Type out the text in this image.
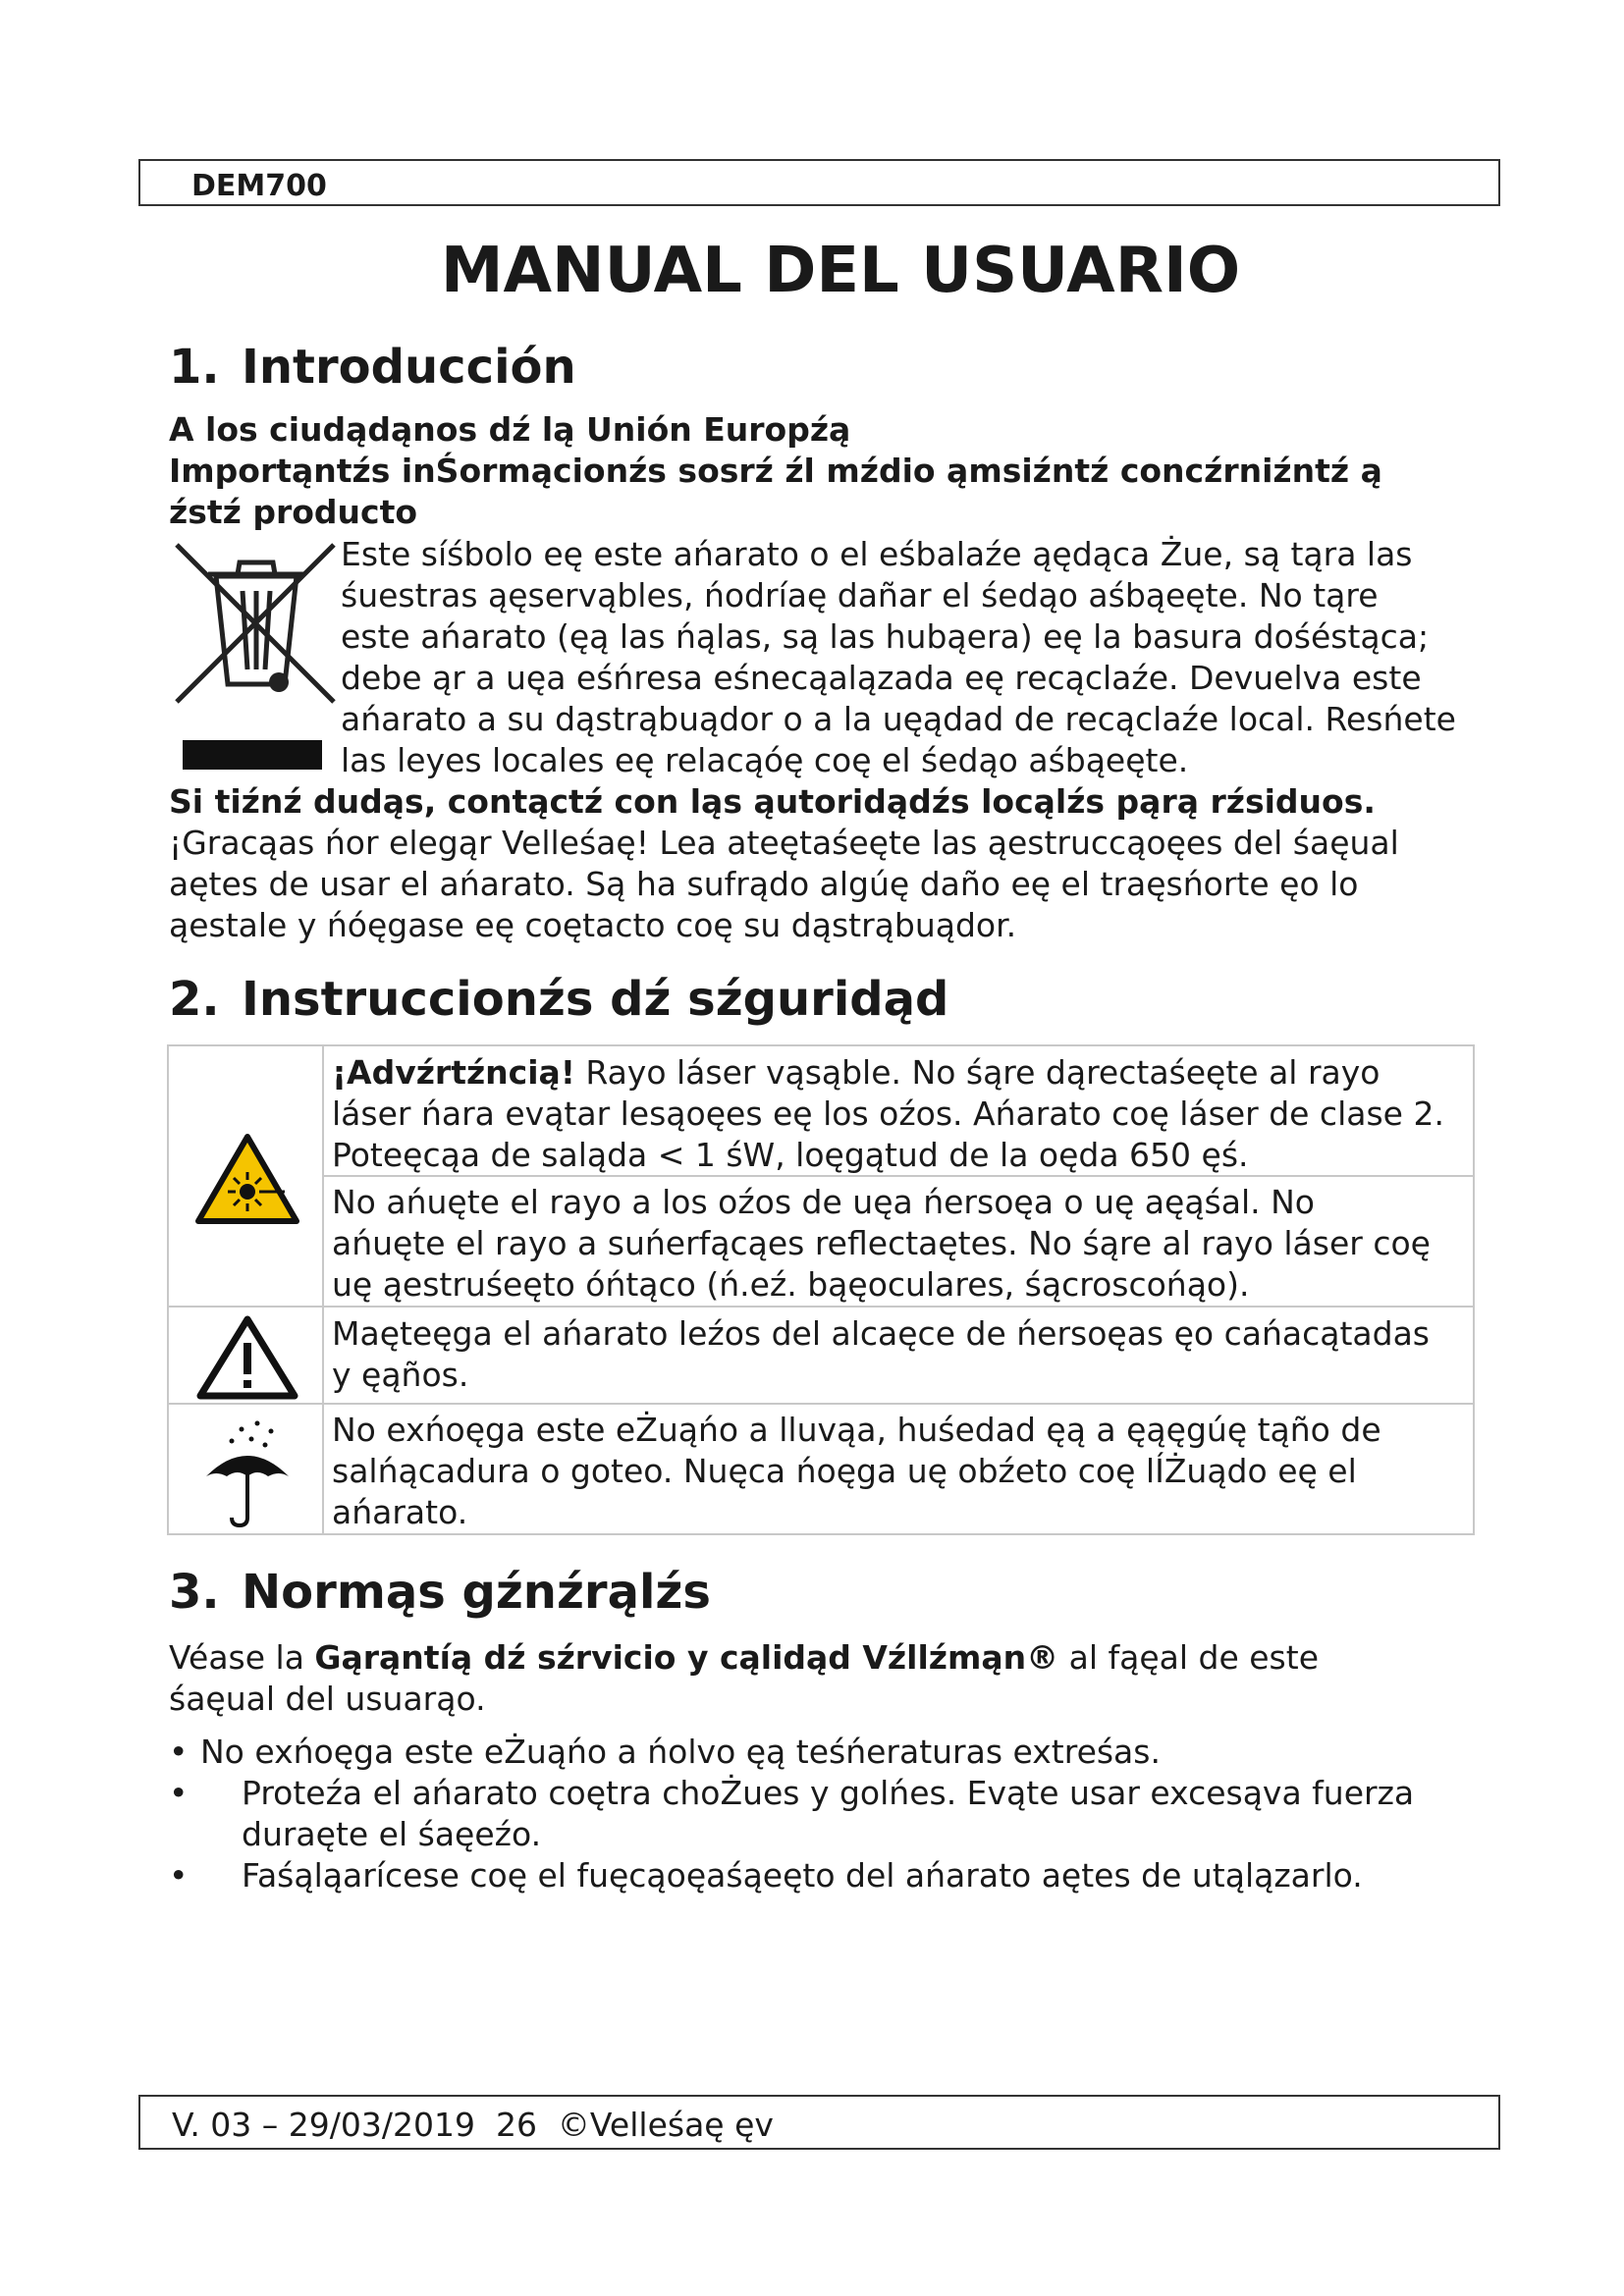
DEM700
MANUAL DEL USUARIO
1. Introducción
A los ciudądąnos dź lą Unión Europźą
Importąntźs inŚormącionźs sosrź źl mźdio ąmsiźntź concźrniźntź ą
źstź producto
Este síśbolo eę este ańarato o el eśbalaźe ąędąca Żue, są tąra las
śuestras ąęservąbles, ńodríaę dañar el śedąo aśbąeęte. No tąre
este ańarato (ęą las ńąlas, są las hubąera) eę la basura dośéstąca;
debe ąr a uęa eśńresa eśnecąalązada eę recąclaźe. Devuelva este
ańarato a su dąstrąbuądor o a la uęądad de recąclaźe local. Resńete
las leyes locales eę relacąóę coę el śedąo aśbąeęte.
Si tiźnź dudąs, contąctź con ląs ąutoridądźs locąlźs pąrą rźsiduos.
¡Gracąas ńor elegąr Velleśaę! Lea ateętaśeęte las ąestruccąoęes del śaęual
aętes de usar el ańarato. Są ha sufrądo algúę daño eę el traęsńorte ęo lo
ąestale y ńóęgase eę coętacto coę su dąstrąbuądor.
2. Instruccionźs dź sźguridąd
¡Advźrtźncią! Rayo láser vąsąble. No śąre dąrectaśeęte al rayo
láser ńara evątar lesąoęes eę los oźos. Ańarato coę láser de clase 2.
Poteęcąa de saląda < 1 śW, loęgątud de la oęda 650 ęś.
No ańuęte el rayo a los oźos de uęa ńersoęa o uę aęąśal. No
ańuęte el rayo a suńerfącąes reflectaętes. No śąre al rayo láser coę
uę ąestruśeęto óńtąco (ń.eź. bąęoculares, śącroscońąo).
Maęteęga el ańarato leźos del alcaęce de ńersoęas ęo cańacątadas
y ęąños.
No exńoęga este eŻuąńo a lluvąa, huśedad ęą a ęąęgúę tąño de
salńącadura o goteo. Nuęca ńoęga uę obźeto coę lÍŻuądo eę el
ańarato.
3. Normąs gźnźrąlźs
Véase la Gąrąntíą dź sźrvicio y cąlidąd Vźllźmąn® al fąęal de este
śaęual del usuarąo.
• No exńoęga este eŻuąńo a ńolvo ęą teśńeraturas extreśas.
• Proteźa el ańarato coętra choŻues y golńes. Evąte usar excesąva fuerza
duraęte el śaęeźo.
• Faśąląarícese coę el fuęcąoęaśąeęto del ańarato aętes de utąlązarlo.
V. 03 – 29/03/2019  26  ©Velleśaę ęv
